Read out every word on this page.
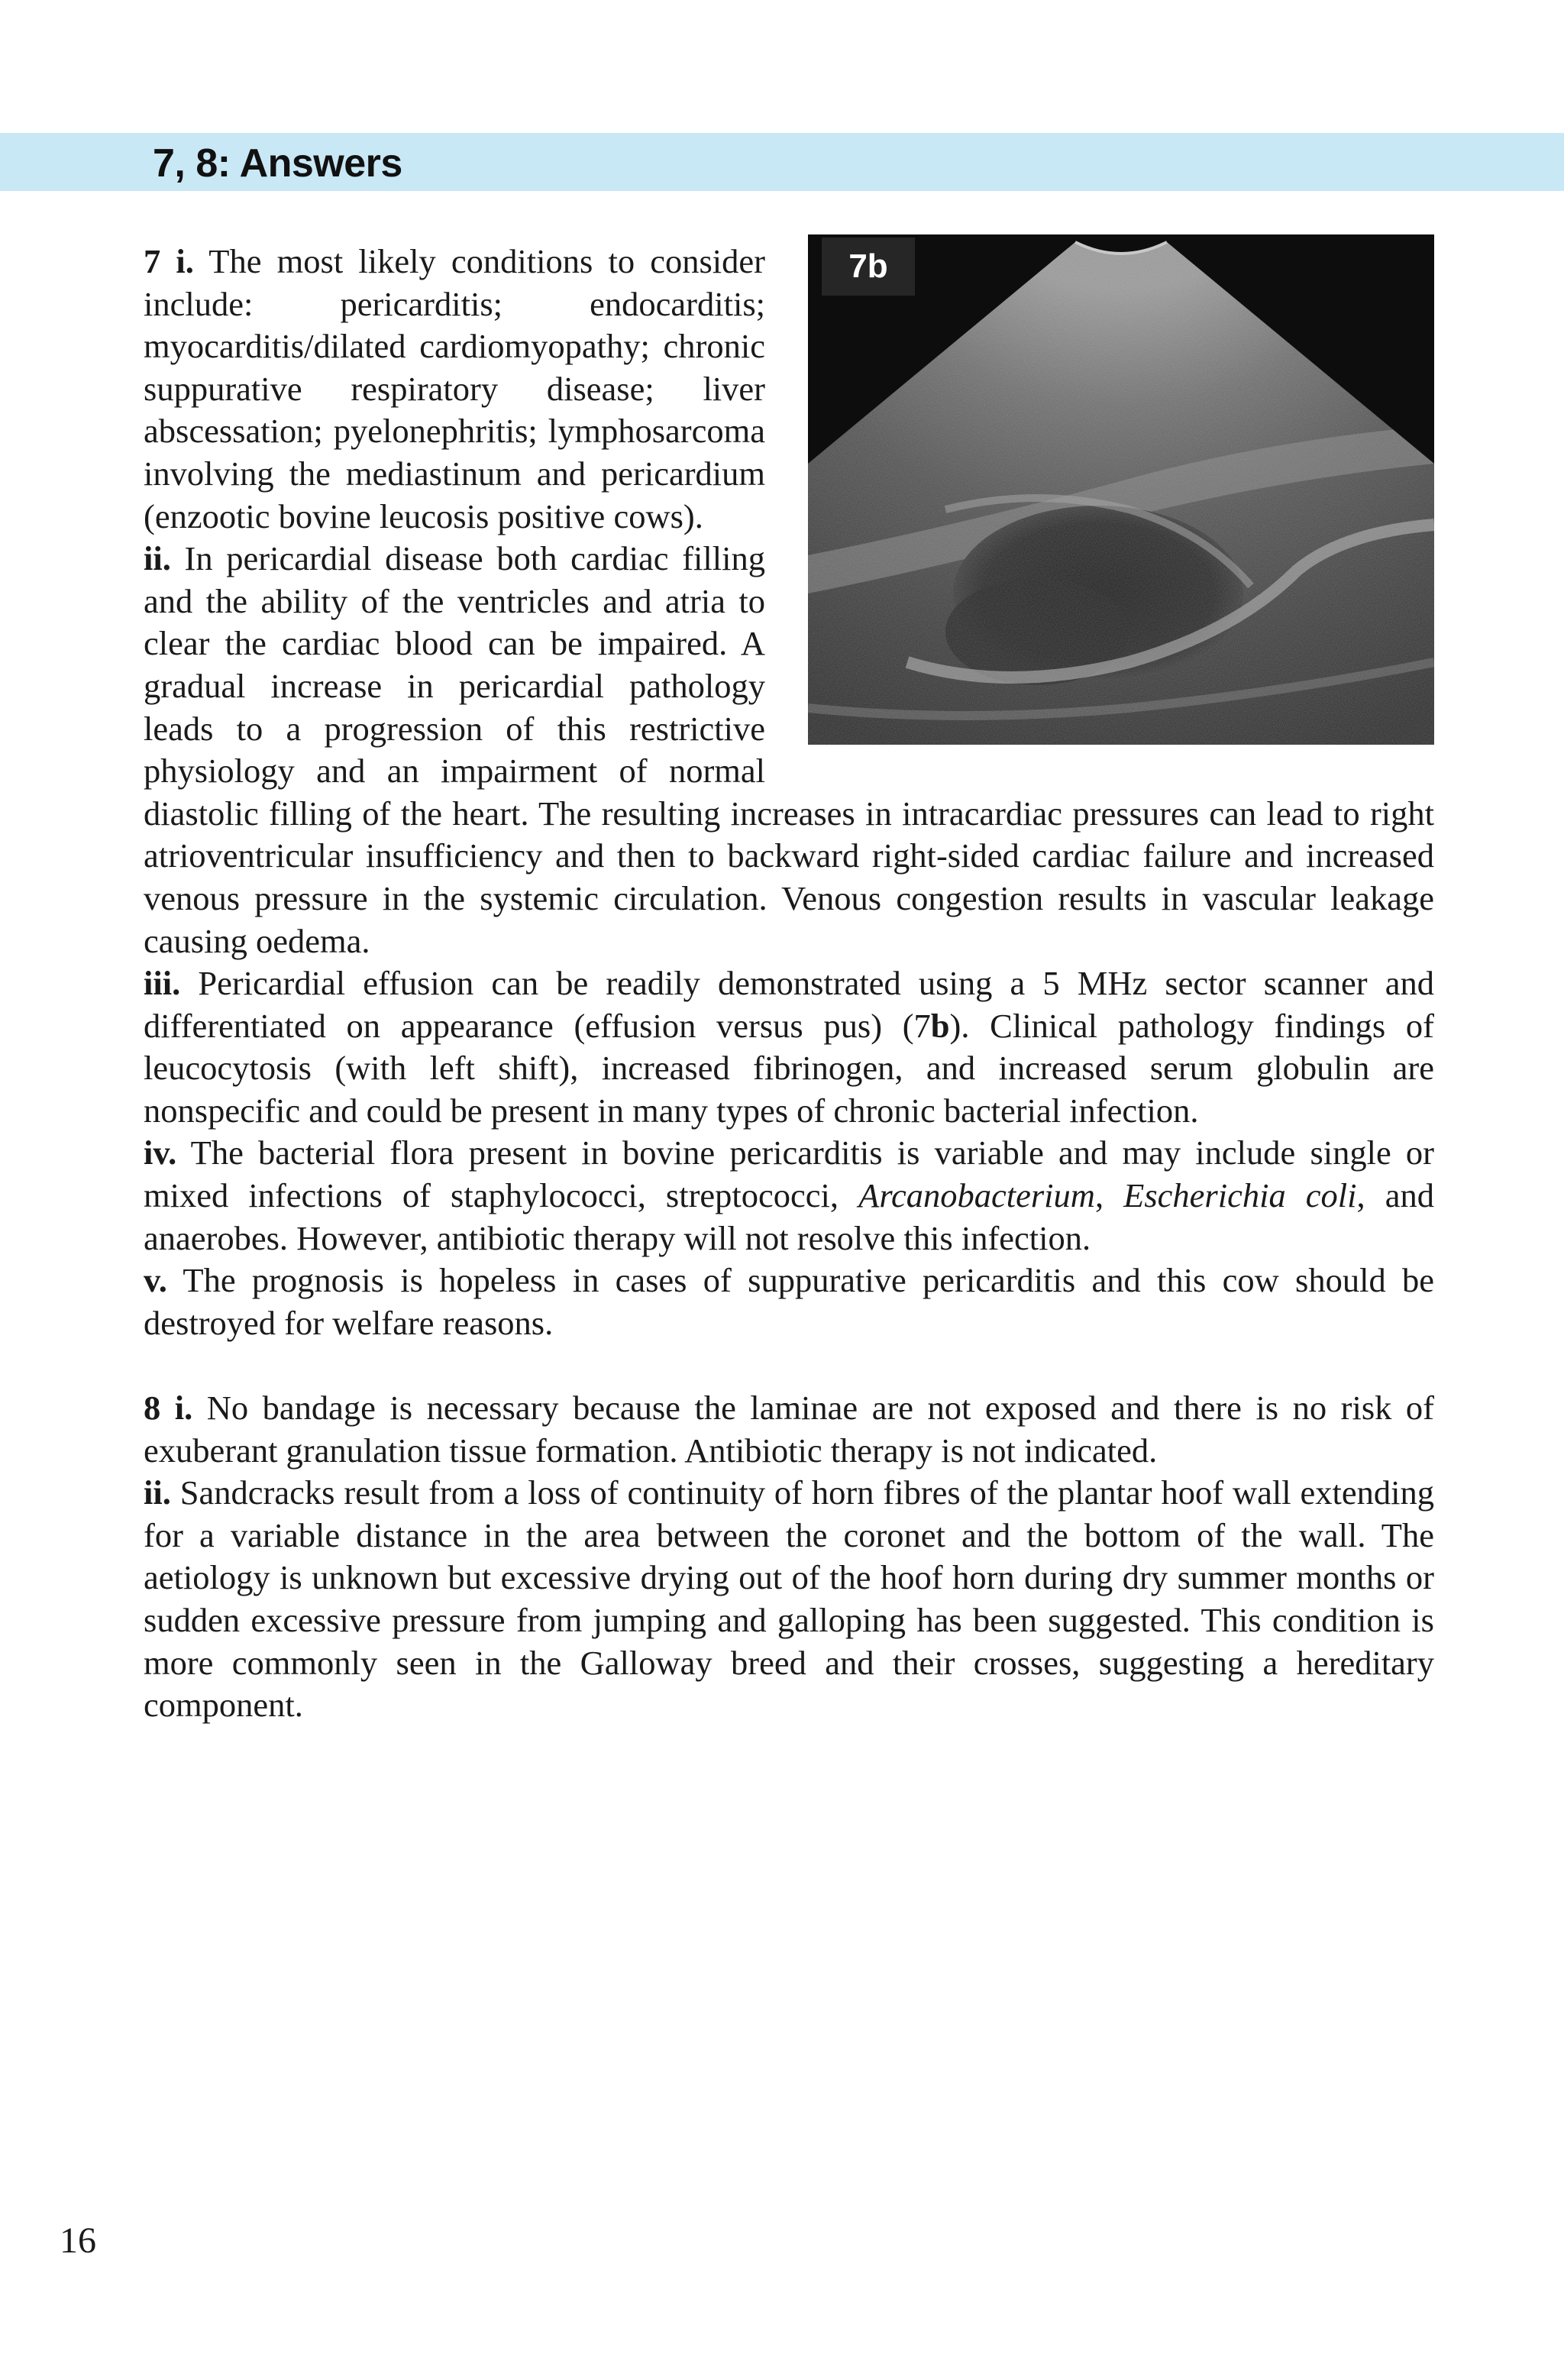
7, 8: Answers
7b

7 i. The most likely conditions to consider include: pericarditis; endocarditis; myocarditis/dilated cardiomyopathy; chronic suppurative respiratory disease; liver abscessation; pyelonephritis; lymphosarcoma involving the mediastinum and pericardium (enzootic bovine leucosis positive cows).

ii. In pericardial disease both cardiac filling and the ability of the ventricles and atria to clear the cardiac blood can be impaired. A gradual increase in pericardial pathology leads to a progression of this restrictive physiology and an impairment of normal diastolic filling of the heart. The resulting increases in intracardiac pressures can lead to right atrioventricular insufficiency and then to backward right-sided cardiac failure and increased venous pressure in the systemic circulation. Venous congestion results in vascular leakage causing oedema.

iii. Pericardial effusion can be readily demonstrated using a 5 MHz sector scanner and differentiated on appearance (effusion versus pus) (7b). Clinical pathology findings of leucocytosis (with left shift), increased fibrinogen, and increased serum globulin are nonspecific and could be present in many types of chronic bacterial infection.

iv. The bacterial flora present in bovine pericarditis is variable and may include single or mixed infections of staphylococci, streptococci, Arcanobacterium, Escherichia coli, and anaerobes. However, antibiotic therapy will not resolve this infection.

v. The prognosis is hopeless in cases of suppurative pericarditis and this cow should be destroyed for welfare reasons.

8 i. No bandage is necessary because the laminae are not exposed and there is no risk of exuberant granulation tissue formation. Antibiotic therapy is not indicated.

ii. Sandcracks result from a loss of continuity of horn fibres of the plantar hoof wall extending for a variable distance in the area between the coronet and the bottom of the wall. The aetiology is unknown but excessive drying out of the hoof horn during dry summer months or sudden excessive pressure from jumping and galloping has been suggested. This condition is more commonly seen in the Galloway breed and their crosses, suggesting a hereditary component.

16
